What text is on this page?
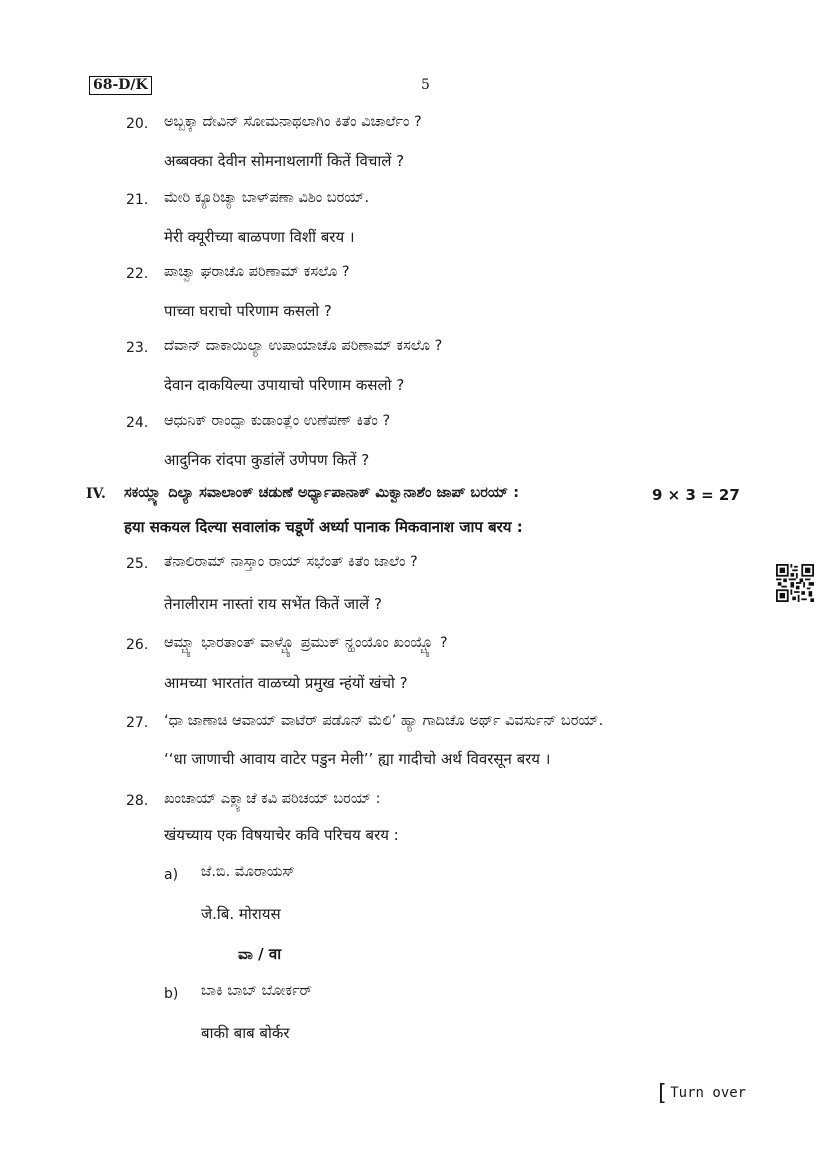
68-D/K	5
20. ಅಬ್ಬಕ್ಕಾ ದೇವಿನ್ ಸೋಮನಾಥಲಾಗಿಂ ಕಿತೆಂ ವಿಚಾರ್ಲೆಂ ?
अब्बक्का देवीन सोमनाथलागीं कितें विचालें ?
21. ಮೇರಿ ಕ್ಯೂರಿಚ್ಯಾ ಬಾಳ್‌ಪಣಾ ವಿಶಿಂ ಬರಯ್.
मेरी क्यूरीच्या बाळपणा विशीं बरय ।
22. ಪಾಚ್ವಾ ಘರಾಚೊ ಪರಿಣಾಮ್ ಕಸಲೊ ?
पाच्वा घराचो परिणाम कसलो ?
23. ದೆವಾನ್ ದಾಕಾಯಿಲ್ಯಾ ಉಪಾಯಾಚೊ ಪರಿಣಾಮ್ ಕಸಲೊ ?
देवान दाकयिल्या उपायाचो परिणाम कसलो ?
24. ಆಧುನಿಕ್ ರಾಂದ್ಪಾ ಕುಡಾಂತ್ಲೆಂ ಉಣೆಪಣ್ ಕಿತೆಂ ?
आदुनिक रांदपा कुडांलें उणेपण कितें ?
IV. ಸಕಯ್ಲ್ಯಾ ದಿಲ್ಯಾ ಸವಾಲಾಂಕ್ ಚಡುಣೆ ಅರ್ಧ್ಯಾಪಾನಾಕ್ ಮಿಕ್ವಾನಾಶೆಂ ಜಾಪ್ ಬರಯ್ :	9 × 3 = 27
हया सकयल दिल्या सवालांक चडूणें अर्ध्या पानाक मिकवानाश जाप बरय :
25. ತೆನಾಲಿರಾಮ್ ನಾಸ್ತಾಂ ರಾಯ್ ಸಭೆಂತ್ ಕಿತೆಂ ಜಾಲೆಂ ?
तेनालीराम नास्तां राय सभेंत कितें जालें ?
26. ಆಮ್ಚ್ಯಾ ಭಾರತಾಂತ್ ವಾಳ್ಚ್ಯೊ ಪ್ರಮುಕ್ ನ್ಹಂಯೊಂ ಖಂಯ್ಚ್ಯೊ ?
आमच्या भारतांत वाळच्यो प्रमुख न्हंयों खंचो ?
27. ‘ಧಾ ಜಾಣಾಚಿ ಆವಾಯ್ ವಾಟೆರ್ ಪಡೊನ್ ಮೆಲಿ’ ಹ್ಯಾ ಗಾದಿಚೊ ಅರ್ಥ್ ವಿವರ್ಸುನ್ ಬರಯ್.
‘‘धा जाणाची आवाय वाटेर पडुन मेली’’ ह्या गादीचो अर्थ विवरसून बरय ।
28. ಖಂಚಾಯ್ ಎಕ್ಲ್ಯಾಚೆ ಕವಿ ಪರಿಚಯ್ ಬರಯ್ :
खंयच्याय एक विषयाचेर कवि परिचय बरय :
a) ಜೆ.ಬಿ. ಮೊರಾಯಸ್
जे.बि. मोरायस
ವಾ / वा
b) ಬಾಕಿ ಬಾಬ್ ಬೋರ್ಕರ್
बाकी बाब बोर्कर
[ Turn over
